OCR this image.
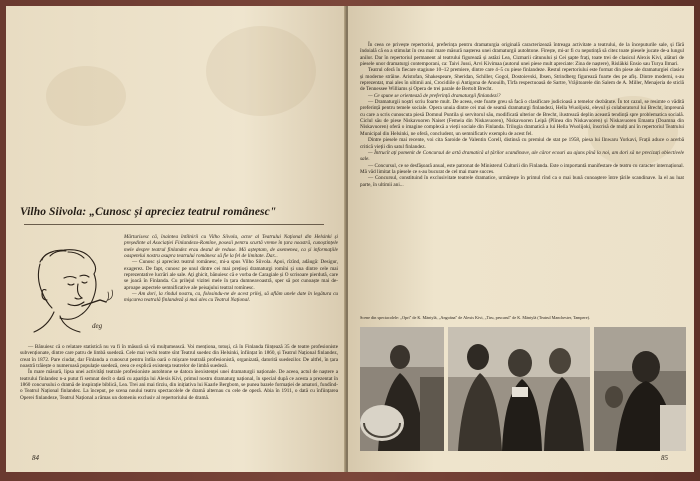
Vilho Siivola: „Cunosc și apreciez teatrul românesc"
deg

Mărturisesc că, înaintea întîlnirii cu Vilho Siivola, actor al Teatrului Național din Helsinki și președinte al Asociației Finlandezo-Romîne, posesii pentru scurtă vreme în țara noastră, cunoștințele mele despre teatrul finlandez erau destul de reduse. Mă așteptam, de asemenea, ca și informațiile oaspetelui nostru asupra teatrului românesc să fie la fel de limitate. Dar...

— Cunosc și apreciez teatrul românesc, mi-a spus Vilho Siivola. Apoi, rîzînd, adăugă: Desigur, exagerez. De fapt, cunosc pe unul dintre cei mai prețioși dramaturgi romîni și una dintre cele mai reprezentative lucrări ale sale. Ați ghicit, bănuiesc că e vorba de Caragiale și O scrisoare pierdută, care se joacă în Finlanda. Cu prilejul vizitei mele în țara dumneavoastră, sper să pot cunoaște mai de-aproape aspectele semnificative ale peisajului teatral romînesc.

— Am dori, la rîndul nostru, ca, folosindu-ne de acest prilej, să aflăm unele date în legătura cu mișcarea teatrală finlandeză și mai ales cu Teatrul Național.

— Bănuiesc că o relatare statistică nu va fi în măsură să vă mulțumească. Voi menționa, totuși, că în Finlanda ființează 35 de teatre profesioniste subvenționate, dintre care patru de limbă suedeză. Cele mai vechi teatre sînt Teatrul suedez din Helsinki, înființat în 1860, și Teatrul Național finlandez, creat în 1872. Pare ciudat, dar Finlanda a cunoscut pentru întîia oară o mișcare teatrală profesionistă, organizată, datorită suedezilor. De altfel, în țara noastră trăiește o numeroasă populație suedeză, ceea ce explică existența teatrelor de limbă suedeză.

În mare măsură, lipsa unei activități teatrale profesioniste autohtone se datora inexistenței unei dramaturgii naționale. De aceea, actul de naștere a teatrului finlandez n-a putut fi semnat decît o dată cu apariția lui Alexis Kivi, primul nostru dramaturg național, în special după ce acesta a prezentat în 1860 concursului o dramă de inspirație biblică, Lea. Trei ani mai tîrziu, din inițiativa lui Kaarle Bergbom, se punea bazele formației de amatori, fundînd-o Teatrul Național finlandez. La început, pe scena noului teatru spectacolele de dramă alternau cu cele de operă. Abia în 1911, o dată cu înființarea Operei finlandeze, Teatrul Național a rămas un domeniu exclusiv al repertoriului de dramă.

84

În ceea ce privește repertoriul, preferința pentru dramaturgia originală caracterizează întreaga activitate a teatrului, de la începuturile sale, și fără îndoială că ea a stimulat în cea mai mare măsură nașterea unei dramaturgii autohtone. Firește, mi-ar fi cu neputință să citez toate piesele jucate de-a lungul anilor. Dar în repertoriul permanent al teatrului figurează și astăzi Lea, Cizmarii cătunului și Cei șapte frați, toate trei de clasicul Alexis Kivi, alături de piesele unor dramaturgi contemporani, ca: Taivi Jussi, Arvi Kivimaa (autorul unei piese mult apreciate: Zina de naștere), Risläkki Ensio sau Turya Ilmari.

Teatrul oferă în fiecare stagiune 10–12 premiere, dintre care 4–5 cu piese finlandeze. Restul repertoriului este format din piese ale dramaturgiei clasice și moderne străine. Aristofan, Shakespeare, Sheridan, Schiller, Gogol, Dostoievski, Ibsen, Strindberg figurează foarte des pe afiș. Dintre moderni, s-au reprezentat, mai ales în ultimii ani, Crocidiile și Antigona de Anouilh, Tîrfa respectuoasă de Sartre, Vrăjitoarele din Salem de A. Miller, Menajeria de sticlă de Tennessee Williams și Opera de trei parale de Bertolt Brecht.

— Ce spune se orientează de preferință dramaturgii finlandezi?

— Dramaturgii noștri scriu foarte mult. De aceea, este foarte greu să facă o clasificare judicioasă a temelor dezbătute. În tot cazul, se resimte o vădită preferință pentru temele sociale. Opera unuia dintre cei mai de seamă dramaturgi finlandezi, Hella Wuolijoki, elevul și colaboratorul lui Brecht, împreună cu care a scris cunoscuta piesă Domnul Puntila și servitorul său, modificată ulterior de Brecht, ilustrează deplin această tendință spre problematica socială. Ciclul său de piese Niskavuoren Naiset (Femeia din Niskavuoren), Niskavuoren Leipă (Pîinea din Niskavuoren) și Niskavuoren Emanta (Doamna din Niskavuoren) oferă o imagine complexă a vieții sociale din Finlanda. Trilogia dramatică a lui Hella Wuolijoki, înscrisă de mulți ani în repertoriul Teatrului Municipal din Helsinki, ne oferă, concludent, un semnificativ exemplu de acest fel.

Dintre piesele mai recente, voi cita Saroide de Valentin Corell, distinsă cu premiul de stat pe 1958, piesa lui Ilnwaru Yorkavi, Frații aduce o acerbă critică vieții din satul finlandez.

— Întrucît ați pomenit de Concursul de artă dramatică al țărilor scandinave, ale căror ecouri au ajuns pînă la noi, am dori să ne precizați obiectivele sale.

— Concursul, ce se desfășoară anual, este patronat de Ministerul Culturii din Finlanda. Este o importantă manifestare de teatru cu caracter internațional. Mă văd limitat la piesele ce s-au bucurat de cel mai mare succes.

— Concursul, constituind în exclusivitate teatrele dramatice, urmărește în primul rînd ca o mai bună cunoaștere între țările scandinave. Ia el au luat parte, în ultimii ani...

Scene din spectacolele: „Opri" de K. Mäntylä, „Angoăna" de Alexis Kivi, „Tiru, pescarul" de K. Mäntylä (Teatrul Manchester, Tampere).
85
